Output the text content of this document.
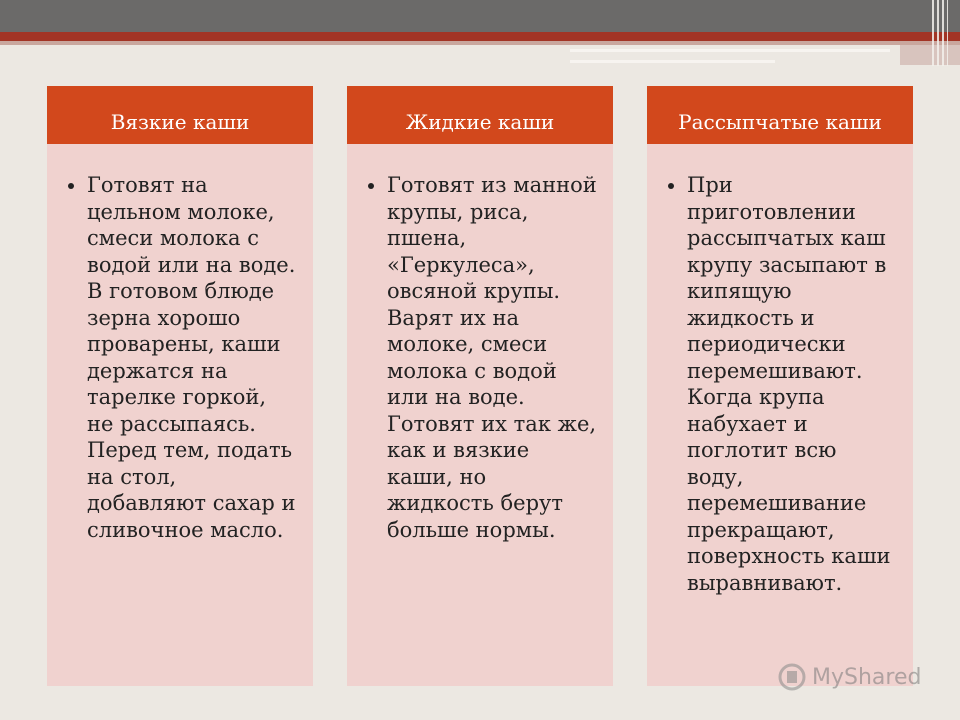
Вязкие каши
• Готовят на цельном молоке, смеси молока с водой или на воде. В готовом блюде зерна хорошо проварены, каши держатся на тарелке горкой, не рассыпаясь. Перед тем, подать на стол, добавляют сахар и сливочное масло.
Жидкие каши
• Готовят из манной крупы, риса, пшена, «Геркулеса», овсяной крупы. Варят их на молоке, смеси молока с водой или на воде. Готовят их так же, как и вязкие каши, но жидкость берут больше нормы.
Рассыпчатые каши
• При приготовлении рассыпчатых каш крупу засыпают в кипящую жидкость и периодически перемешивают. Когда крупа набухает и поглотит всю воду, перемешивание прекращают, поверхность каши выравнивают.
MyShared
